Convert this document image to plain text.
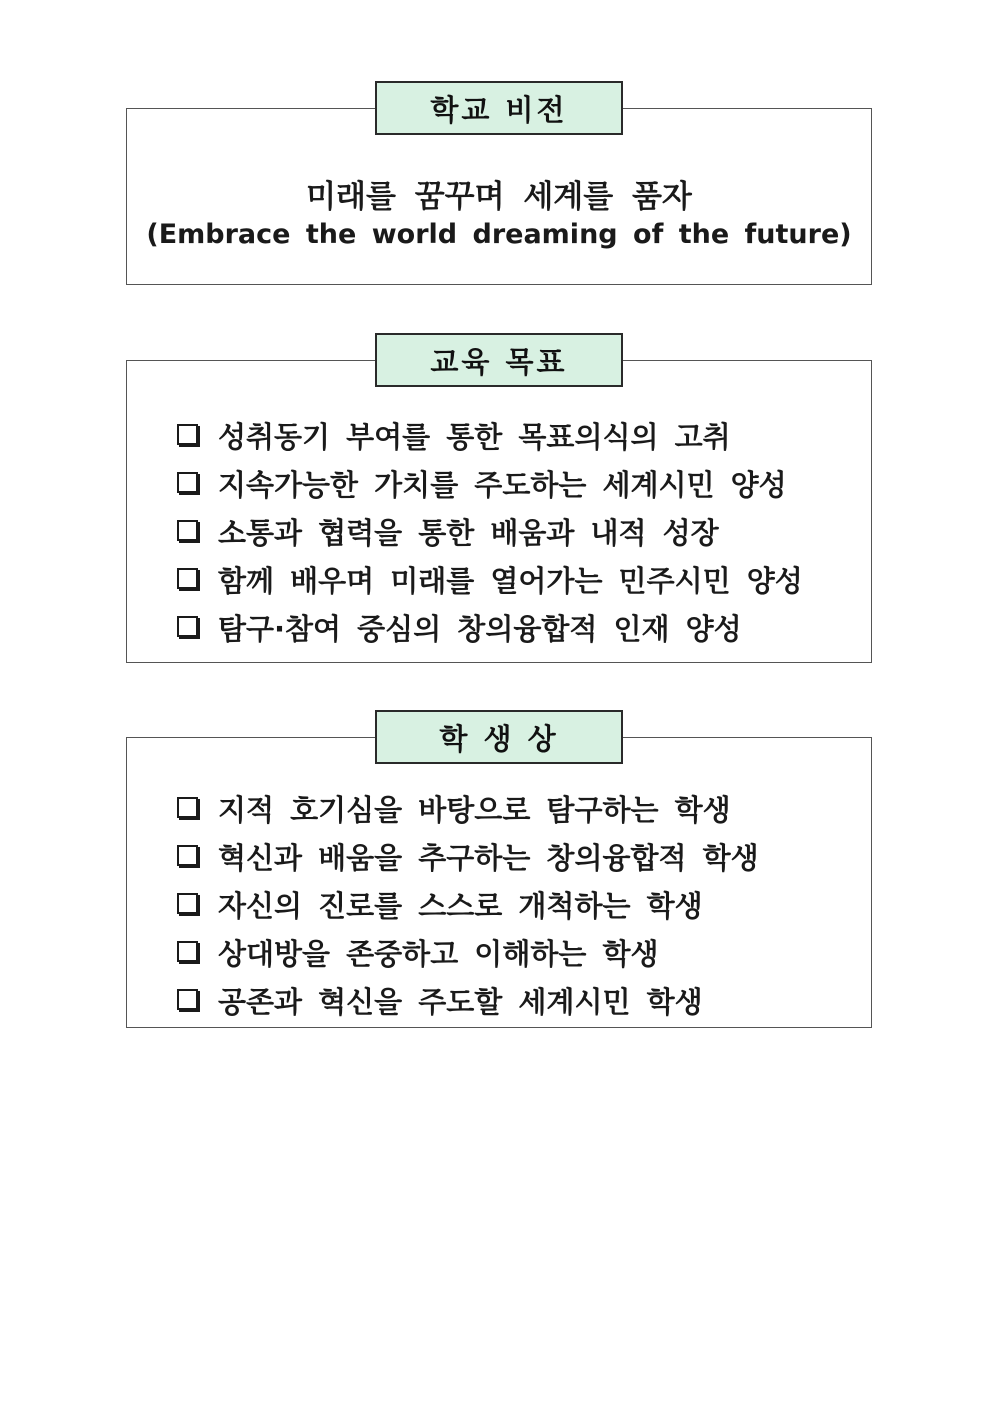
학교 비전
미래를 꿈꾸며 세계를 품자
(Embrace the world dreaming of the future)
교육 목표
성취동기 부여를 통한 목표의식의 고취
지속가능한 가치를 주도하는 세계시민 양성
소통과 협력을 통한 배움과 내적 성장
함께 배우며 미래를 열어가는 민주시민 양성
탐구·참여 중심의 창의융합적 인재 양성
학 생 상
지적 호기심을 바탕으로 탐구하는 학생
혁신과 배움을 추구하는 창의융합적 학생
자신의 진로를 스스로 개척하는 학생
상대방을 존중하고 이해하는 학생
공존과 혁신을 주도할 세계시민 학생
